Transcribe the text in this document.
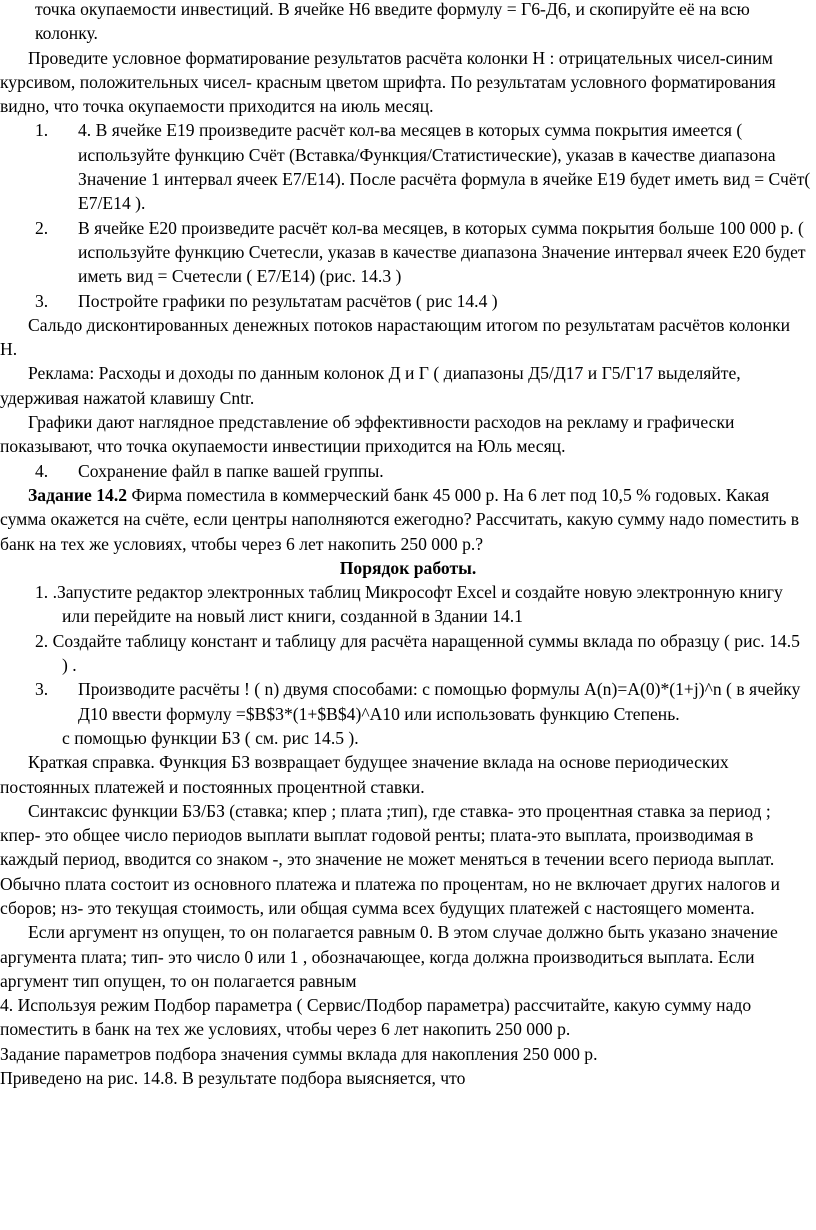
точка окупаемости инвестиций. В ячейке Н6 введите формулу = Г6-Д6, и скопируйте её на всю колонку.
Проведите условное форматирование результатов расчёта колонки Н : отрицательных чисел-синим курсивом, положительных чисел- красным цветом шрифта. По результатам условного форматирования видно, что точка окупаемости приходится на июль месяц.
1. 4. В ячейке Е19 произведите расчёт кол-ва месяцев в которых сумма покрытия имеется ( используйте функцию Счёт (Вставка/Функция/Статистические), указав в качестве диапазона Значение 1 интервал ячеек Е7/Е14). После расчёта формула в ячейке Е19 будет иметь вид = Счёт( Е7/Е14 ).
2. В ячейке Е20 произведите расчёт кол-ва месяцев, в которых сумма покрытия больше 100 000 р. ( используйте функцию Счетесли, указав в качестве диапазона Значение интервал ячеек Е20 будет иметь вид = Счетесли ( Е7/Е14) (рис. 14.3 )
3. Постройте графики по результатам расчётов ( рис 14.4 )
Сальдо дисконтированных денежных потоков нарастающим итогом по результатам расчётов колонки Н.
Реклама: Расходы и доходы по данным колонок Д и Г ( диапазоны Д5/Д17 и Г5/Г17 выделяйте, удерживая нажатой клавишу Cntr.
Графики дают наглядное представление об эффективности расходов на рекламу и графически показывают, что точка окупаемости инвестиции приходится на Юль месяц.
4. Сохранение файл в папке вашей группы.
Задание 14.2 Фирма поместила в коммерческий банк 45 000 р. На 6 лет под 10,5 % годовых. Какая сумма окажется на счёте, если центры наполняются ежегодно? Рассчитать, какую сумму надо поместить в банк на тех же условиях, чтобы через 6 лет накопить 250 000 р.?
Порядок работы.
1. .Запустите редактор электронных таблиц Микрософт Excel и создайте новую электронную книгу или перейдите на новый лист книги, созданной в Здании 14.1
2. Создайте таблицу констант и таблицу для расчёта наращенной суммы вклада по образцу ( рис. 14.5 ) .
3. Производите расчёты ! ( n) двумя способами: с помощью формулы А(n)=А(0)*(1+j)^n ( в ячейку Д10 ввести формулу =$В$3*(1+$В$4)^А10 или использовать функцию Степень.
с помощью функции БЗ ( см. рис 14.5 ).
Краткая справка. Функция БЗ возвращает будущее значение вклада на основе периодических постоянных платежей и постоянных процентной ставки.
Синтаксис функции БЗ/БЗ (ставка; кпер ; плата ;тип), где ставка- это процентная ставка за период ; кпер- это общее число периодов выплати выплат годовой ренты; плата-это выплата, производимая в каждый период, вводится со знаком -, это значение не может меняться в течении всего периода выплат. Обычно плата состоит из основного платежа и платежа по процентам, но не включает других налогов и сборов; нз- это текущая стоимость, или общая сумма всех будущих платежей с настоящего момента.
Если аргумент нз опущен, то он полагается равным 0. В этом случае должно быть указано значение аргумента плата; тип- это число 0 или 1 , обозначающее, когда должна производиться выплата. Если аргумент тип опущен, то он полагается равным
4. Используя режим Подбор параметра ( Сервис/Подбор параметра) рассчитайте, какую сумму надо поместить в банк на тех же условиях, чтобы через 6 лет накопить 250 000 р.
Задание параметров подбора значения суммы вклада для накопления 250 000 р.
Приведено на рис. 14.8. В результате подбора выясняется, что
